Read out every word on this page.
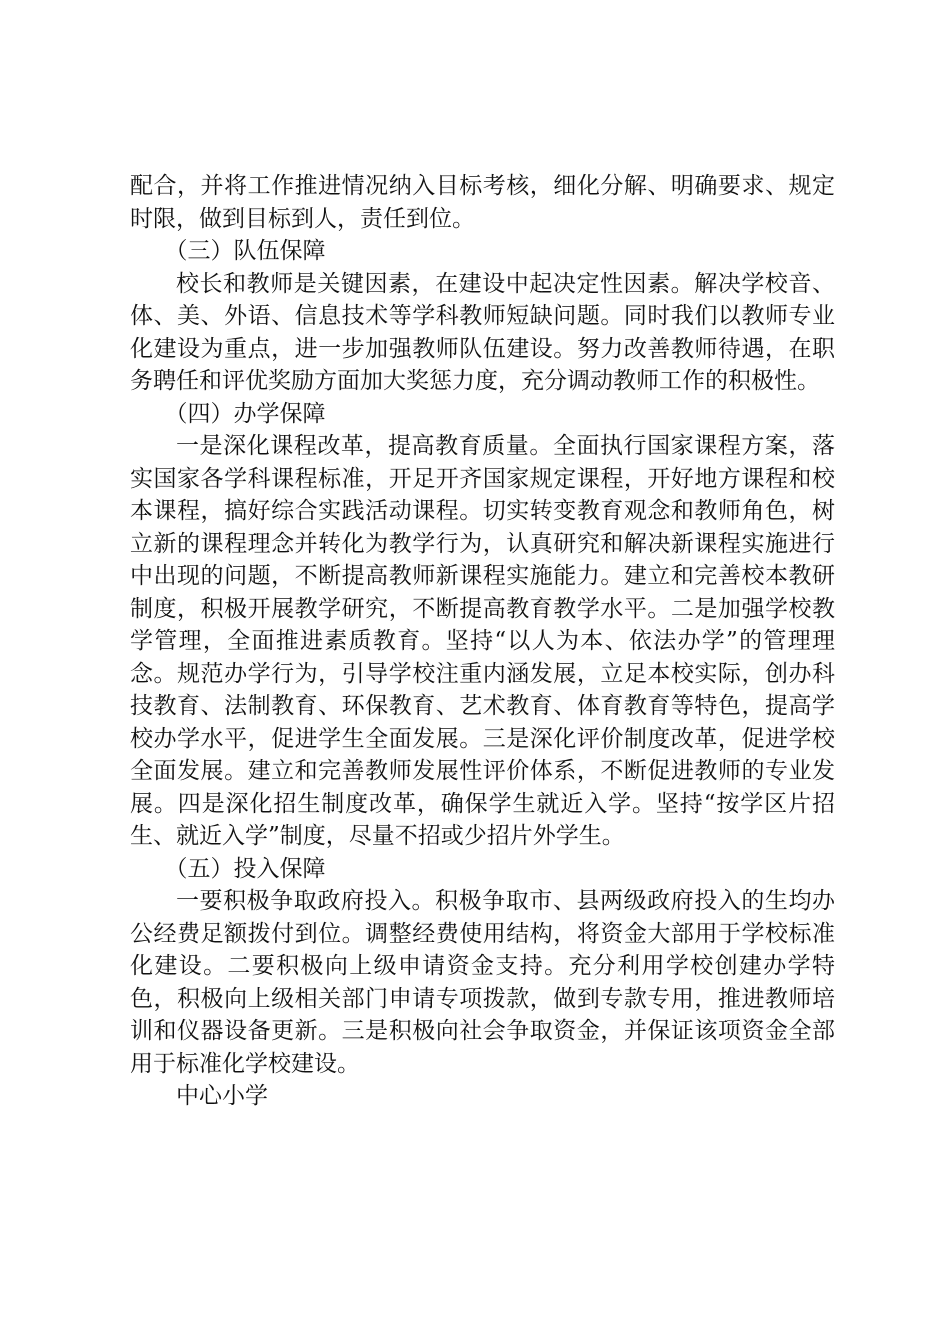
配合，并将工作推进情况纳入目标考核，细化分解、明确要求、规定时限，做到目标到人，责任到位。

（三）队伍保障

校长和教师是关键因素，在建设中起决定性因素。解决学校音、体、美、外语、信息技术等学科教师短缺问题。同时我们以教师专业化建设为重点，进一步加强教师队伍建设。努力改善教师待遇，在职务聘任和评优奖励方面加大奖惩力度，充分调动教师工作的积极性。

（四）办学保障

一是深化课程改革，提高教育质量。全面执行国家课程方案，落实国家各学科课程标准，开足开齐国家规定课程，开好地方课程和校本课程，搞好综合实践活动课程。切实转变教育观念和教师角色，树立新的课程理念并转化为教学行为，认真研究和解决新课程实施进行中出现的问题，不断提高教师新课程实施能力。建立和完善校本教研制度，积极开展教学研究，不断提高教育教学水平。二是加强学校教学管理，全面推进素质教育。坚持“以人为本、依法办学”的管理理念。规范办学行为，引导学校注重内涵发展，立足本校实际，创办科技教育、法制教育、环保教育、艺术教育、体育教育等特色，提高学校办学水平，促进学生全面发展。三是深化评价制度改革，促进学校全面发展。建立和完善教师发展性评价体系，不断促进教师的专业发展。四是深化招生制度改革，确保学生就近入学。坚持“按学区片招生、就近入学”制度，尽量不招或少招片外学生。

（五）投入保障

一要积极争取政府投入。积极争取市、县两级政府投入的生均办公经费足额拨付到位。调整经费使用结构，将资金大部用于学校标准化建设。二要积极向上级申请资金支持。充分利用学校创建办学特色，积极向上级相关部门申请专项拨款，做到专款专用，推进教师培训和仪器设备更新。三是积极向社会争取资金，并保证该项资金全部用于标准化学校建设。

中心小学
